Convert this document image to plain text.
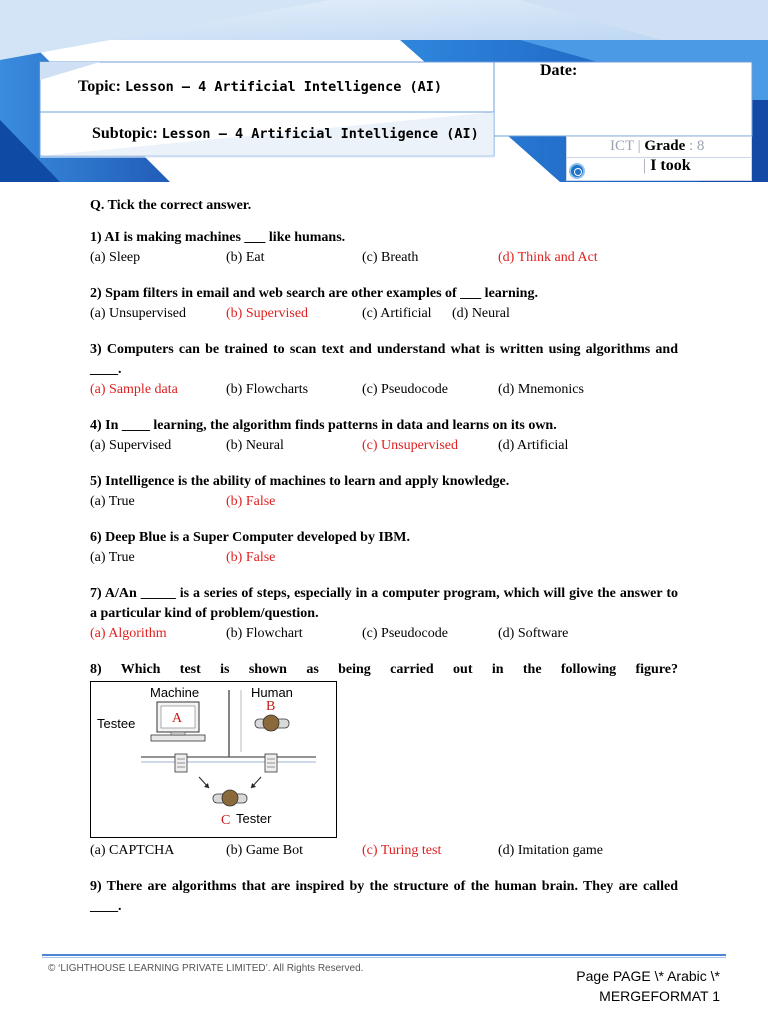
Topic: Lesson – 4 Artificial Intelligence (AI)
Subtopic: Lesson – 4 Artificial Intelligence (AI)
Date:
ICT | Grade : 8
| I took
Q. Tick the correct answer.
1) AI is making machines ___ like humans.
(a) Sleep	(b) Eat	(c) Breath	(d) Think and Act
2) Spam filters in email and web search are other examples of ___ learning.
(a) Unsupervised	(b) Supervised	(c) Artificial	(d) Neural
3) Computers can be trained to scan text and understand what is written using algorithms and ____.
(a) Sample data	(b) Flowcharts	(c) Pseudocode	(d) Mnemonics
4) In ____ learning, the algorithm finds patterns in data and learns on its own.
(a) Supervised	(b) Neural	(c) Unsupervised	(d) Artificial
5) Intelligence is the ability of machines to learn and apply knowledge.
(a) True	(b) False
6) Deep Blue is a Super Computer developed by IBM.
(a) True	(b) False
7) A/An _____ is a series of steps, especially in a computer program, which will give the answer to a particular kind of problem/question.
(a) Algorithm	(b) Flowchart	(c) Pseudocode	(d) Software
8) Which test is shown as being carried out in the following figure?
Machine	Human
Testee	A
B
C Tester
(a) CAPTCHA	(b) Game Bot	(c) Turing test	(d) Imitation game
9) There are algorithms that are inspired by the structure of the human brain. They are called ____.
© ‘LIGHTHOUSE LEARNING PRIVATE LIMITED’. All Rights Reserved.	Page PAGE \* Arabic \*
MERGEFORMAT 1
